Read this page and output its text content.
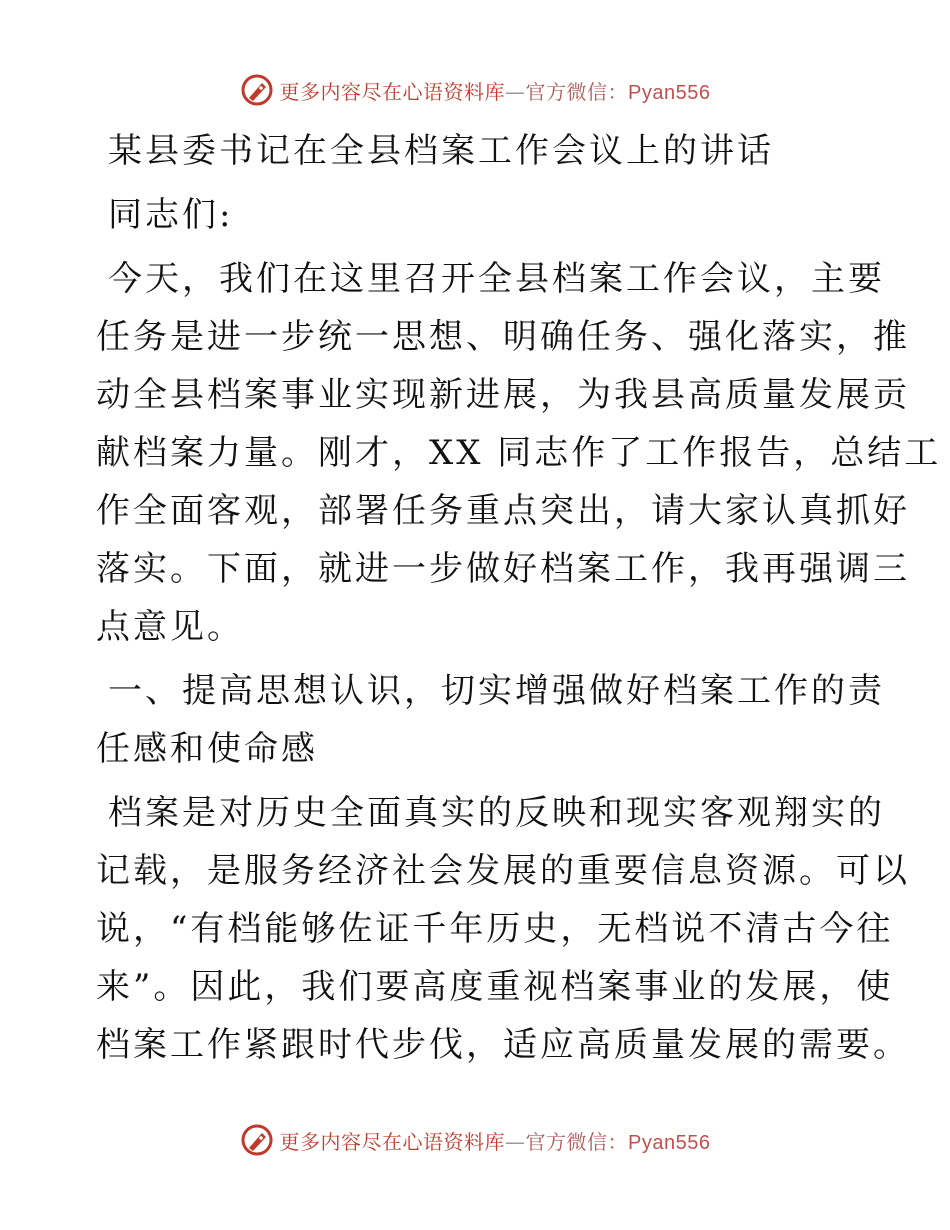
更多内容尽在心语资料库—官方微信：Pyan556
某县委书记在全县档案工作会议上的讲话
同志们:
今天，我们在这里召开全县档案工作会议，主要
任务是进一步统一思想、明确任务、强化落实，推
动全县档案事业实现新进展，为我县高质量发展贡
献档案力量。刚才，XX 同志作了工作报告，总结工
作全面客观，部署任务重点突出，请大家认真抓好
落实。下面，就进一步做好档案工作，我再强调三
点意见。
一、提高思想认识，切实增强做好档案工作的责
任感和使命感
档案是对历史全面真实的反映和现实客观翔实的
记载，是服务经济社会发展的重要信息资源。可以
说，“有档能够佐证千年历史，无档说不清古今往
来”。因此，我们要高度重视档案事业的发展，使
档案工作紧跟时代步伐，适应高质量发展的需要。
更多内容尽在心语资料库—官方微信：Pyan556
